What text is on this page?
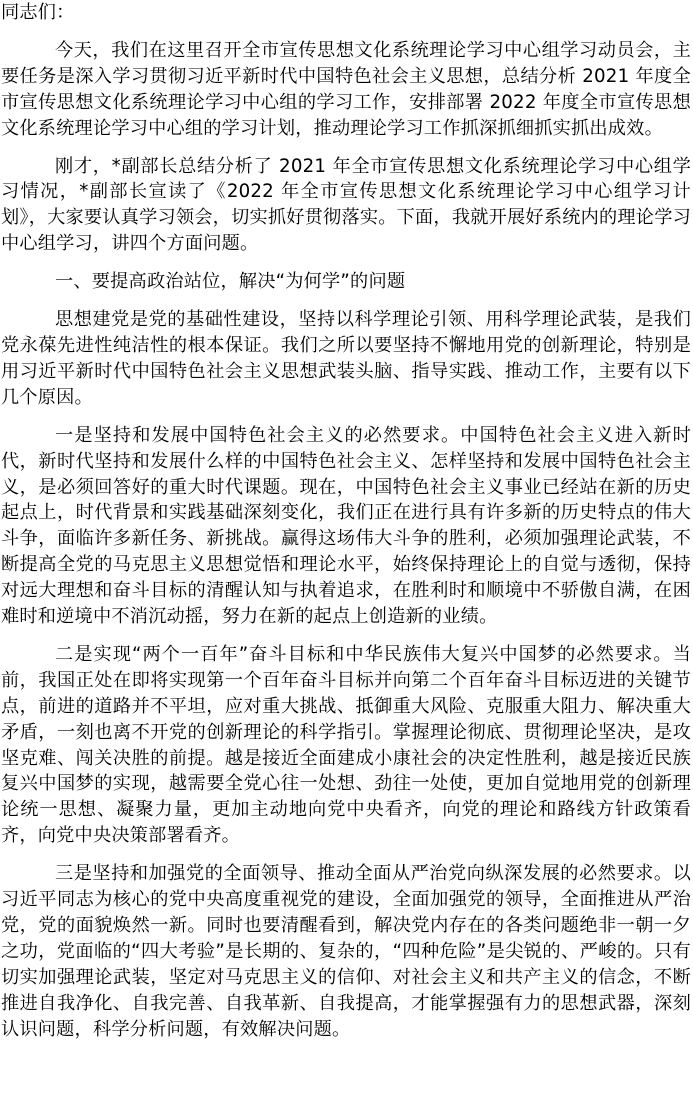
同志们：

今天，我们在这里召开全市宣传思想文化系统理论学习中心组学习动员会，主要任务是深入学习贯彻习近平新时代中国特色社会主义思想，总结分析 2021 年度全市宣传思想文化系统理论学习中心组的学习工作，安排部署 2022 年度全市宣传思想文化系统理论学习中心组的学习计划，推动理论学习工作抓深抓细抓实抓出成效。

刚才，*副部长总结分析了 2021 年全市宣传思想文化系统理论学习中心组学习情况，*副部长宣读了《2022 年全市宣传思想文化系统理论学习中心组学习计划》，大家要认真学习领会，切实抓好贯彻落实。下面，我就开展好系统内的理论学习中心组学习，讲四个方面问题。

一、要提高政治站位，解决“为何学”的问题

思想建党是党的基础性建设，坚持以科学理论引领、用科学理论武装，是我们党永葆先进性纯洁性的根本保证。我们之所以要坚持不懈地用党的创新理论，特别是用习近平新时代中国特色社会主义思想武装头脑、指导实践、推动工作，主要有以下几个原因。

一是坚持和发展中国特色社会主义的必然要求。中国特色社会主义进入新时代，新时代坚持和发展什么样的中国特色社会主义、怎样坚持和发展中国特色社会主义，是必须回答好的重大时代课题。现在，中国特色社会主义事业已经站在新的历史起点上，时代背景和实践基础深刻变化，我们正在进行具有许多新的历史特点的伟大斗争，面临许多新任务、新挑战。赢得这场伟大斗争的胜利，必须加强理论武装，不断提高全党的马克思主义思想觉悟和理论水平，始终保持理论上的自觉与透彻，保持对远大理想和奋斗目标的清醒认知与执着追求，在胜利时和顺境中不骄傲自满，在困难时和逆境中不消沉动摇，努力在新的起点上创造新的业绩。

二是实现“两个一百年”奋斗目标和中华民族伟大复兴中国梦的必然要求。当前，我国正处在即将实现第一个百年奋斗目标并向第二个百年奋斗目标迈进的关键节点，前进的道路并不平坦，应对重大挑战、抵御重大风险、克服重大阻力、解决重大矛盾，一刻也离不开党的创新理论的科学指引。掌握理论彻底、贯彻理论坚决，是攻坚克难、闯关决胜的前提。越是接近全面建成小康社会的决定性胜利，越是接近民族复兴中国梦的实现，越需要全党心往一处想、劲往一处使，更加自觉地用党的创新理论统一思想、凝聚力量，更加主动地向党中央看齐，向党的理论和路线方针政策看齐，向党中央决策部署看齐。

三是坚持和加强党的全面领导、推动全面从严治党向纵深发展的必然要求。以习近平同志为核心的党中央高度重视党的建设，全面加强党的领导，全面推进从严治党，党的面貌焕然一新。同时也要清醒看到，解决党内存在的各类问题绝非一朝一夕之功，党面临的“四大考验”是长期的、复杂的，“四种危险”是尖锐的、严峻的。只有切实加强理论武装，坚定对马克思主义的信仰、对社会主义和共产主义的信念，不断推进自我净化、自我完善、自我革新、自我提高，才能掌握强有力的思想武器，深刻认识问题，科学分析问题，有效解决问题。
